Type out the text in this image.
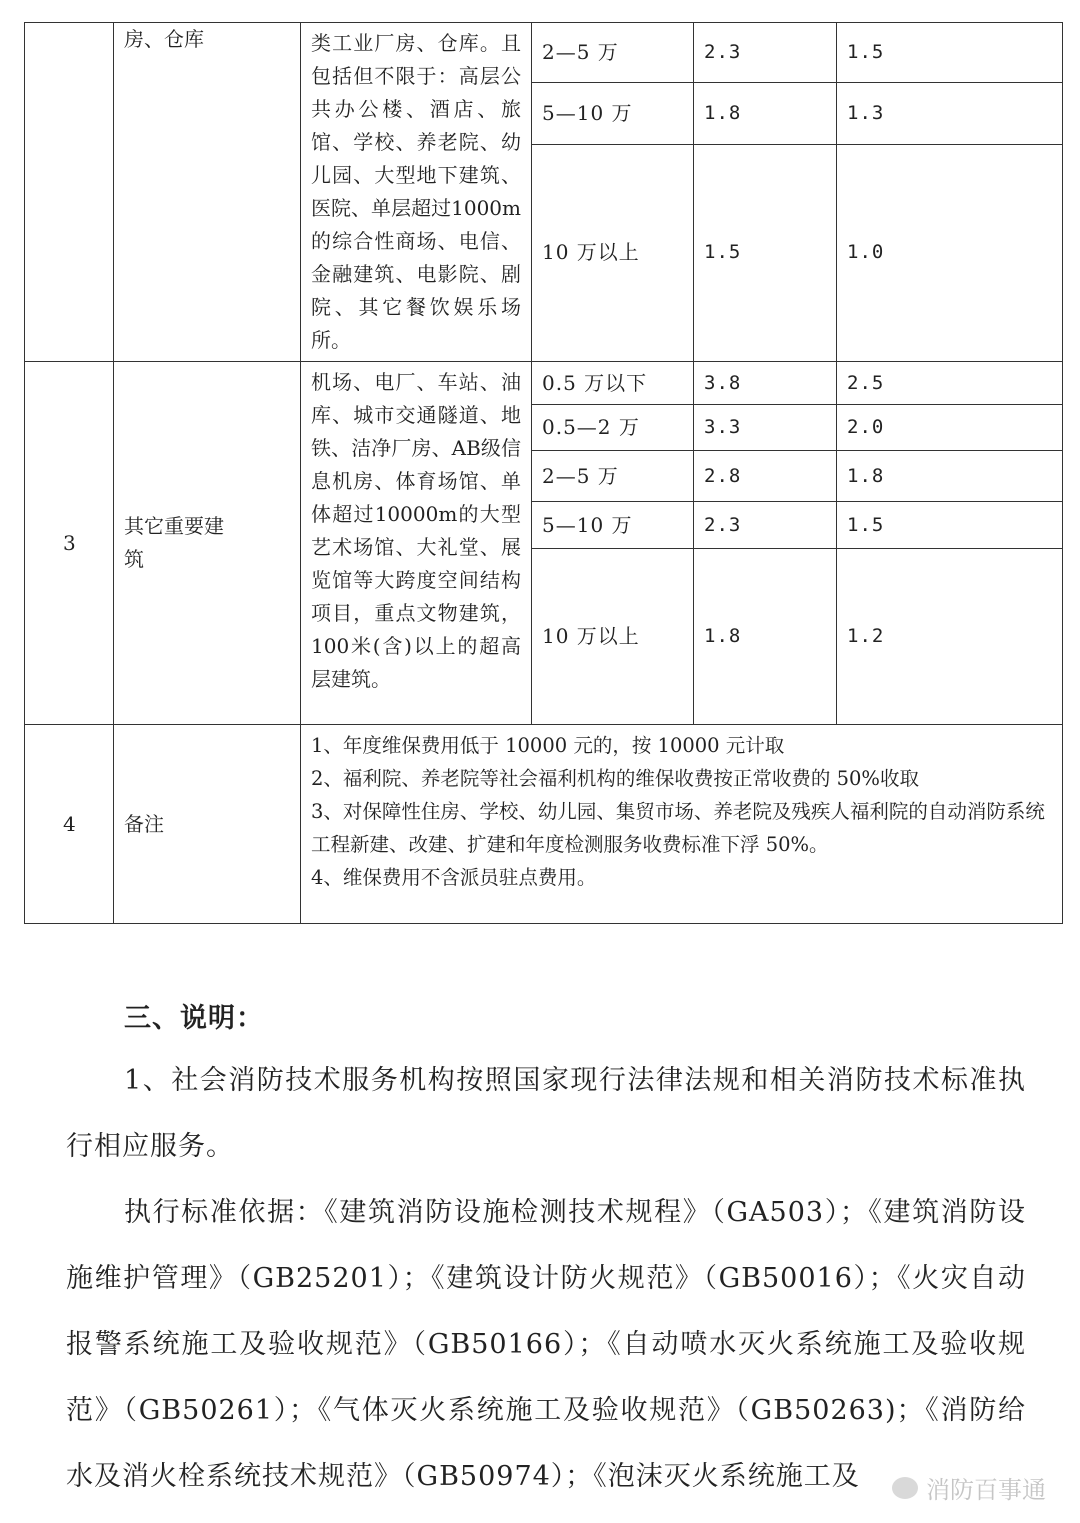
	房、仓库	类工业厂房、仓库。且包括但不限于：高层公共办公楼、酒店、旅馆、学校、养老院、幼儿园、大型地下建筑、医院、单层超过1000m的综合性商场、电信、金融建筑、电影院、剧院、其它餐饮娱乐场所。	2—5 万	2.3	1.5
			5—10 万	1.8	1.3
			10 万以上	1.5	1.0
3	其它重要建筑	机场、电厂、车站、油库、城市交通隧道、地铁、洁净厂房、AB级信息机房、体育场馆、单体超过10000m的大型艺术场馆、大礼堂、展览馆等大跨度空间结构项目，重点文物建筑，100米(含)以上的超高层建筑。	0.5 万以下	3.8	2.5
			0.5—2 万	3.3	2.0
			2—5 万	2.8	1.8
			5—10 万	2.3	1.5
			10 万以上	1.8	1.2
4	备注	1、年度维保费用低于 10000 元的，按 10000 元计取
2、福利院、养老院等社会福利机构的维保收费按正常收费的 50%收取
3、对保障性住房、学校、幼儿园、集贸市场、养老院及残疾人福利院的自动消防系统工程新建、改建、扩建和年度检测服务收费标准下浮 50%。
4、维保费用不含派员驻点费用。			
三、说明：
1、社会消防技术服务机构按照国家现行法律法规和相关消防技术标准执行相应服务。
执行标准依据：《建筑消防设施检测技术规程》（GA503）；《建筑消防设施维护管理》（GB25201）；《建筑设计防火规范》（GB50016）；《火灾自动报警系统施工及验收规范》（GB50166）；《自动喷水灭火系统施工及验收规范》（GB50261）；《气体灭火系统施工及验收规范》（GB50263)；《消防给水及消火栓系统技术规范》（GB50974）；《泡沫灭火系统施工及	消防百事通
